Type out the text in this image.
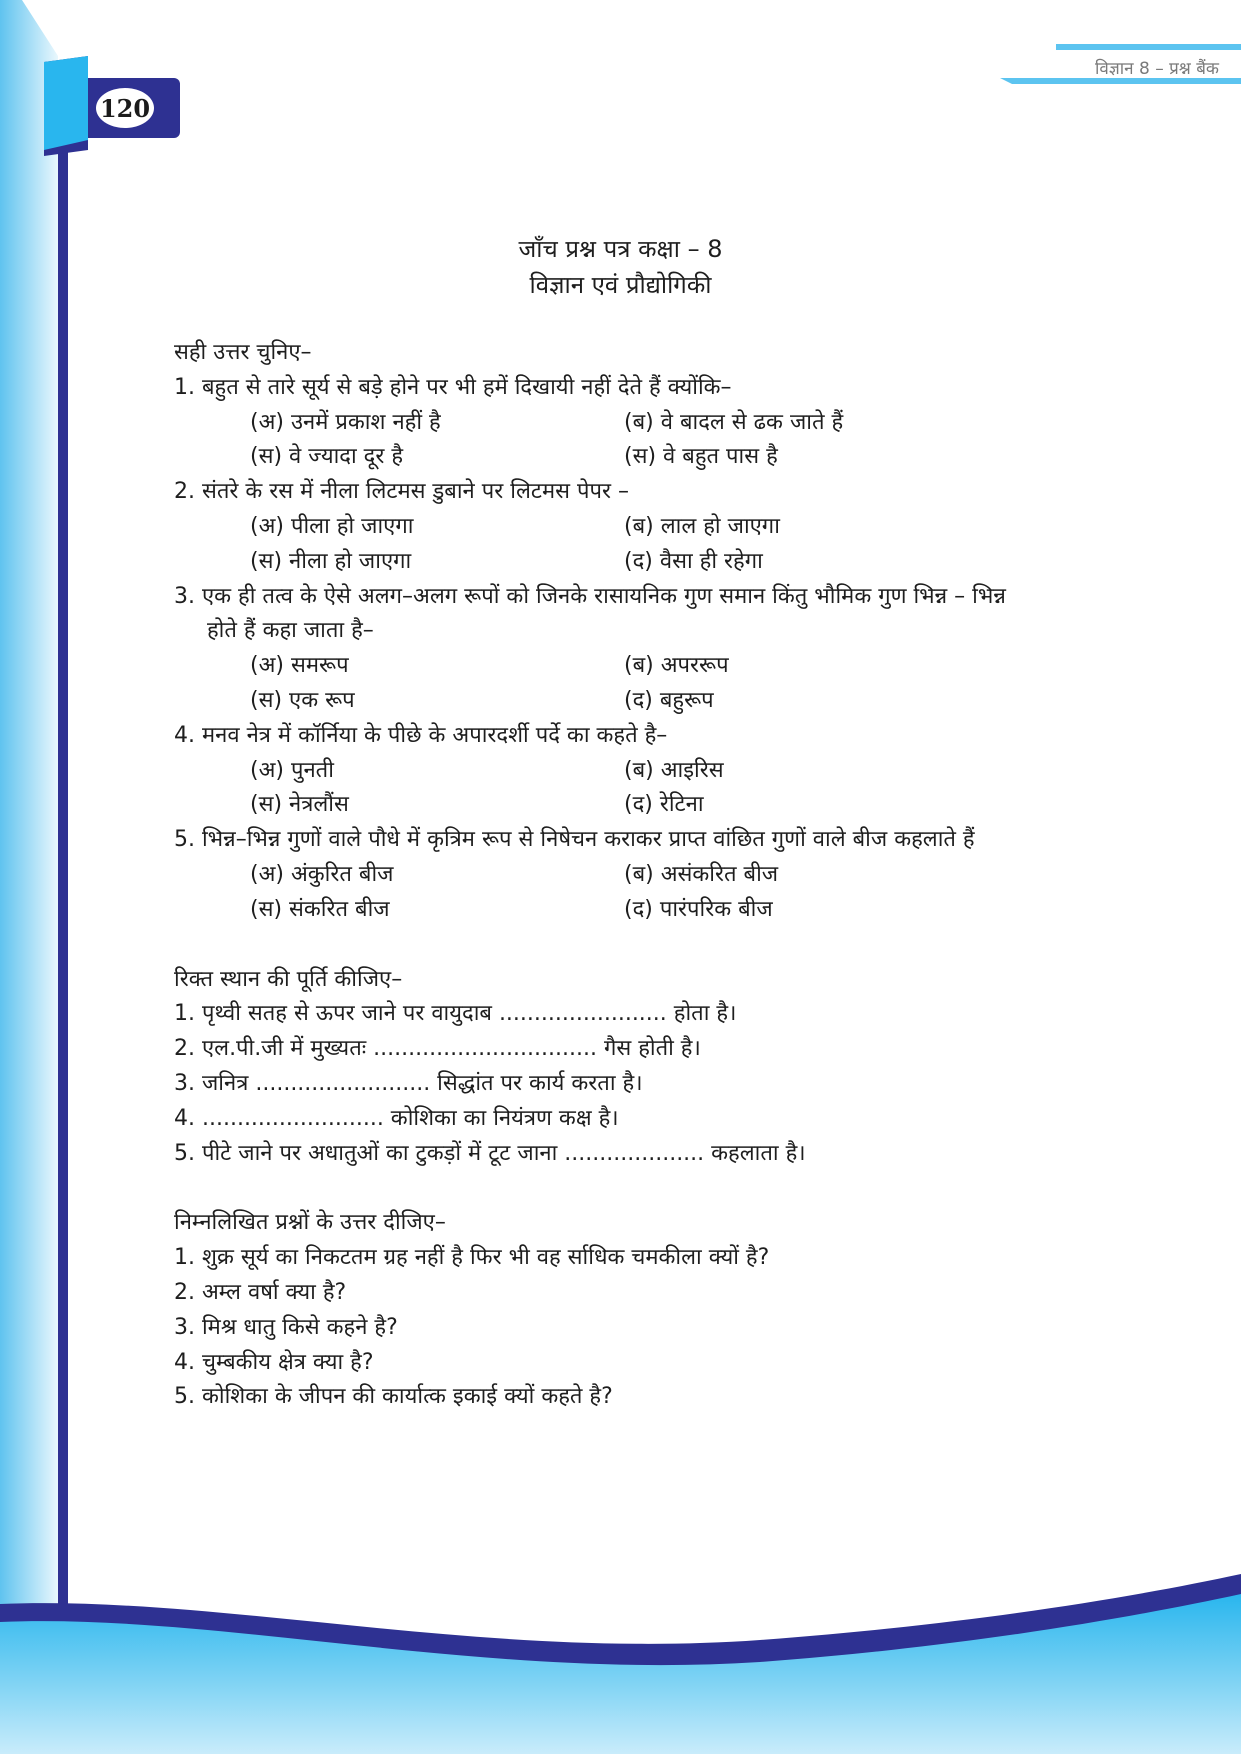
120
विज्ञान 8 – प्रश्न बैंक
जाँच प्रश्न पत्र कक्षा – 8
विज्ञान एवं प्रौद्योगिकी

सही उत्तर चुनिए–

1. बहुत से तारे सूर्य से बड़े होने पर भी हमें दिखायी नहीं देते हैं क्योंकि–

(अ) उनमें प्रकाश नहीं है	(ब) वे बादल से ढक जाते हैं
(स) वे ज्यादा दूर है	(स) वे बहुत पास है

2. संतरे के रस में नीला लिटमस डुबाने पर लिटमस पेपर –

(अ) पीला हो जाएगा	(ब) लाल हो जाएगा
(स) नीला हो जाएगा	(द) वैसा ही रहेगा

3. एक ही तत्व के ऐसे अलग–अलग रूपों को जिनके रासायनिक गुण समान किंतु भौमिक गुण भिन्न – भिन्न

होते हैं कहा जाता है–

(अ) समरूप	(ब) अपररूप
(स) एक रूप	(द) बहुरूप

4. मनव नेत्र में कॉर्निया के पीछे के अपारदर्शी पर्दे का कहते है–

(अ) पुनती	(ब) आइरिस
(स) नेत्रलौंस	(द) रेटिना

5. भिन्न–भिन्न गुणों वाले पौधे में कृत्रिम रूप से निषेचन कराकर प्राप्त वांछित गुणों वाले बीज कहलाते हैं

(अ) अंकुरित बीज	(ब) असंकरित बीज
(स) संकरित बीज	(द) पारंपरिक बीज

रिक्त स्थान की पूर्ति कीजिए–

1. पृथ्वी सतह से ऊपर जाने पर वायुदाब ........................ होता है।

2. एल.पी.जी में मुख्यतः ................................ गैस होती है।

3. जनित्र ......................... सिद्धांत पर कार्य करता है।

4. .......................... कोशिका का नियंत्रण कक्ष है।

5. पीटे जाने पर अधातुओं का टुकड़ों में टूट जाना .................... कहलाता है।

निम्नलिखित प्रश्नों के उत्तर दीजिए–

1. शुक्र सूर्य का निकटतम ग्रह नहीं है फिर भी वह र्साधिक चमकीला क्यों है?

2. अम्ल वर्षा क्या है?

3. मिश्र धातु किसे कहने है?

4. चुम्बकीय क्षेत्र क्या है?

5. कोशिका के जीपन की कार्यात्क इकाई क्यों कहते है?
